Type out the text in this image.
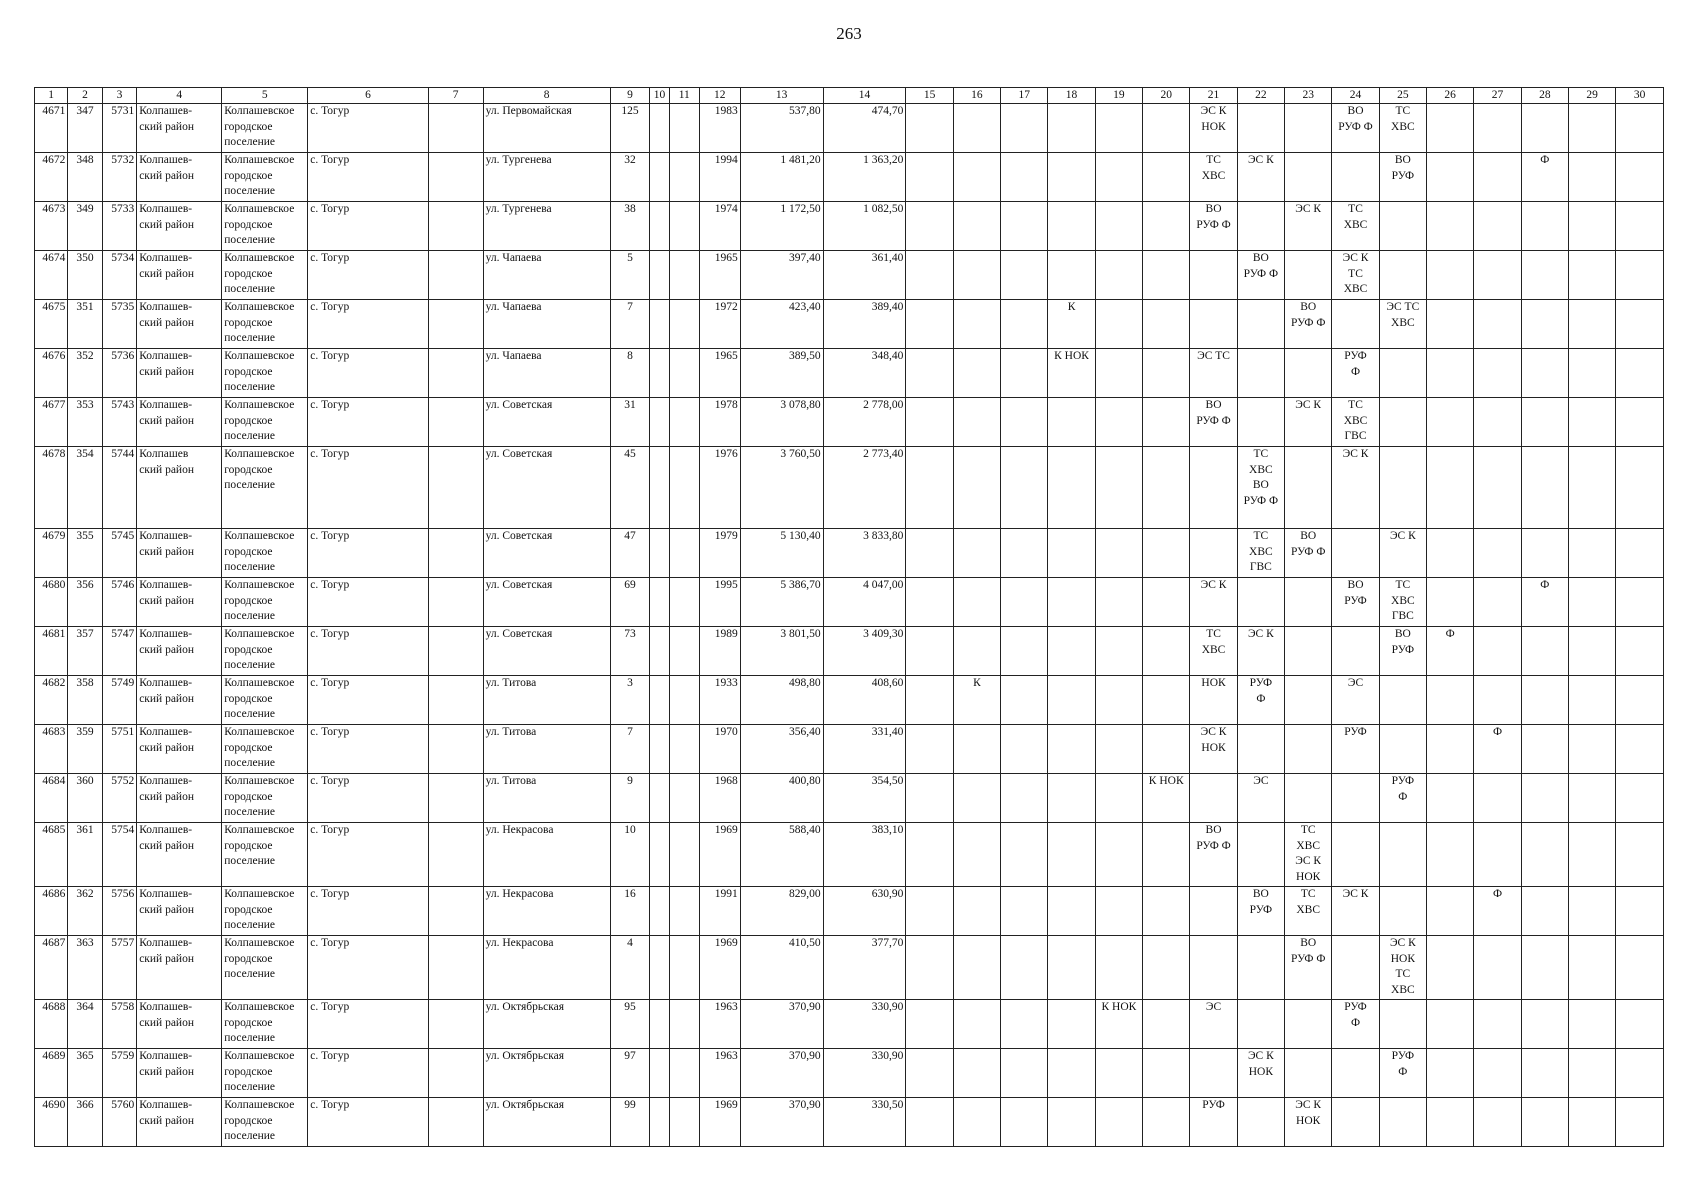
263
1	2	3	4	5	6	7	8	9	10	11	12	13	14	15	16	17	18	19	20	21	22	23	24	25	26	27	28	29	30
4671	347	5731	Колпашев-
ский район	Колпашевское
городское
поселение	с. Тогур		ул. Первомайская	125			1983	537,80	474,70							ЭС К
НОК			ВО
РУФ Ф	ТС
ХВС					
4672	348	5732	Колпашев-
ский район	Колпашевское
городское
поселение	с. Тогур		ул. Тургенева	32			1994	1 481,20	1 363,20							ТС
ХВС	ЭС К			ВО
РУФ			Ф		
4673	349	5733	Колпашев-
ский район	Колпашевское
городское
поселение	с. Тогур		ул. Тургенева	38			1974	1 172,50	1 082,50							ВО
РУФ Ф		ЭС К	ТС
ХВС						
4674	350	5734	Колпашев-
ский район	Колпашевское
городское
поселение	с. Тогур		ул. Чапаева	5			1965	397,40	361,40								ВО
РУФ Ф		ЭС К
ТС
ХВС						
4675	351	5735	Колпашев-
ский район	Колпашевское
городское
поселение	с. Тогур		ул. Чапаева	7			1972	423,40	389,40				К					ВО
РУФ Ф		ЭС ТС
ХВС					
4676	352	5736	Колпашев-
ский район	Колпашевское
городское
поселение	с. Тогур		ул. Чапаева	8			1965	389,50	348,40				К НОК			ЭС ТС			РУФ
Ф						
4677	353	5743	Колпашев-
ский район	Колпашевское
городское
поселение	с. Тогур		ул. Советская	31			1978	3 078,80	2 778,00							ВО
РУФ Ф		ЭС К	ТС
ХВС
ГВС						
4678	354	5744	Колпашев
ский район	Колпашевское
городское
поселение	с. Тогур		ул. Советская	45			1976	3 760,50	2 773,40								ТС
ХВС
ВО
РУФ Ф		ЭС К						
4679	355	5745	Колпашев-
ский район	Колпашевское
городское
поселение	с. Тогур		ул. Советская	47			1979	5 130,40	3 833,80								ТС
ХВС
ГВС	ВО
РУФ Ф		ЭС К					
4680	356	5746	Колпашев-
ский район	Колпашевское
городское
поселение	с. Тогур		ул. Советская	69			1995	5 386,70	4 047,00							ЭС К			ВО
РУФ	ТС
ХВС
ГВС			Ф		
4681	357	5747	Колпашев-
ский район	Колпашевское
городское
поселение	с. Тогур		ул. Советская	73			1989	3 801,50	3 409,30							ТС
ХВС	ЭС К			ВО
РУФ	Ф				
4682	358	5749	Колпашев-
ский район	Колпашевское
городское
поселение	с. Тогур		ул. Титова	3			1933	498,80	408,60		К					НОК	РУФ
Ф		ЭС						
4683	359	5751	Колпашев-
ский район	Колпашевское
городское
поселение	с. Тогур		ул. Титова	7			1970	356,40	331,40							ЭС К
НОК			РУФ			Ф			
4684	360	5752	Колпашев-
ский район	Колпашевское
городское
поселение	с. Тогур		ул. Титова	9			1968	400,80	354,50						К НОК		ЭС			РУФ
Ф					
4685	361	5754	Колпашев-
ский район	Колпашевское
городское
поселение	с. Тогур		ул. Некрасова	10			1969	588,40	383,10							ВО
РУФ Ф		ТС
ХВС
ЭС К
НОК							
4686	362	5756	Колпашев-
ский район	Колпашевское
городское
поселение	с. Тогур		ул. Некрасова	16			1991	829,00	630,90								ВО
РУФ	ТС
ХВС	ЭС К			Ф			
4687	363	5757	Колпашев-
ский район	Колпашевское
городское
поселение	с. Тогур		ул. Некрасова	4			1969	410,50	377,70									ВО
РУФ Ф		ЭС К
НОК
ТС
ХВС					
4688	364	5758	Колпашев-
ский район	Колпашевское
городское
поселение	с. Тогур		ул. Октябрьская	95			1963	370,90	330,90					К НОК		ЭС			РУФ
Ф						
4689	365	5759	Колпашев-
ский район	Колпашевское
городское
поселение	с. Тогур		ул. Октябрьская	97			1963	370,90	330,90								ЭС К
НОК			РУФ
Ф					
4690	366	5760	Колпашев-
ский район	Колпашевское
городское
поселение	с. Тогур		ул. Октябрьская	99			1969	370,90	330,50							РУФ		ЭС К
НОК							
